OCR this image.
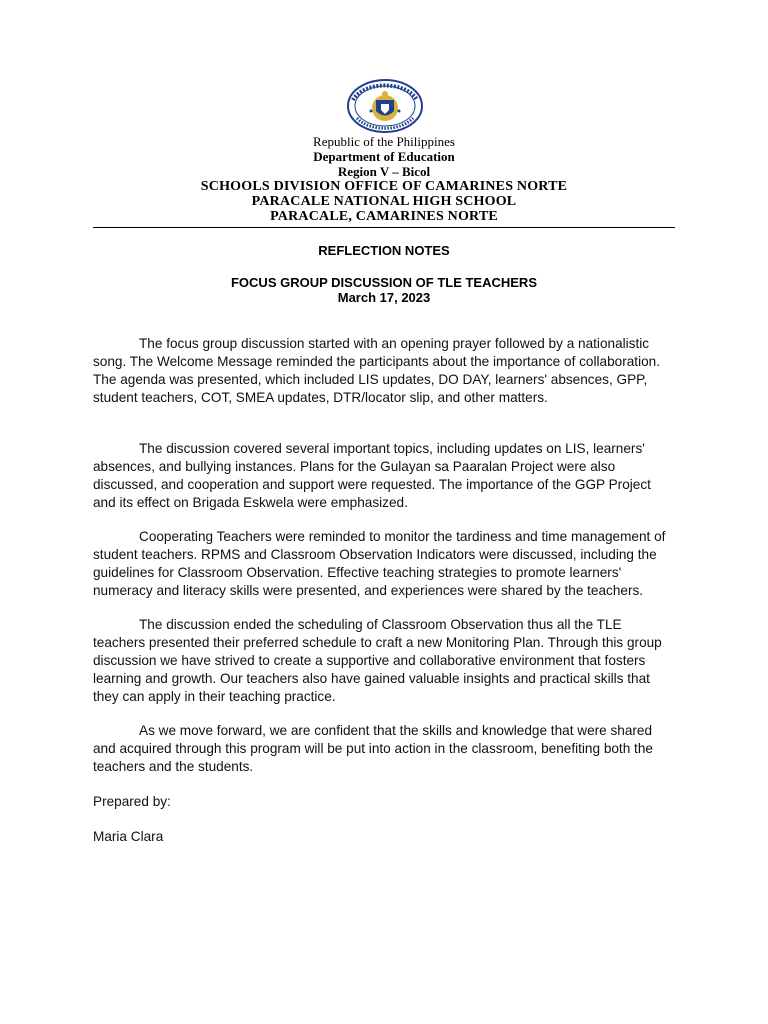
Republic of the Philippines
Department of Education
Region V – Bicol
SCHOOLS DIVISION OFFICE OF CAMARINES NORTE
PARACALE NATIONAL HIGH SCHOOL
PARACALE, CAMARINES NORTE
REFLECTION NOTES
FOCUS GROUP DISCUSSION OF TLE TEACHERS
March 17, 2023

The focus group discussion started with an opening prayer followed by a nationalistic song. The Welcome Message reminded the participants about the importance of collaboration. The agenda was presented, which included LIS updates, DO DAY, learners' absences, GPP, student teachers, COT, SMEA updates, DTR/locator slip, and other matters.

The discussion covered several important topics, including updates on LIS, learners' absences, and bullying instances. Plans for the Gulayan sa Paaralan Project were also discussed, and cooperation and support were requested. The importance of the GGP Project and its effect on Brigada Eskwela were emphasized.

Cooperating Teachers were reminded to monitor the tardiness and time management of student teachers. RPMS and Classroom Observation Indicators were discussed, including the guidelines for Classroom Observation. Effective teaching strategies to promote learners' numeracy and literacy skills were presented, and experiences were shared by the teachers.

The discussion ended the scheduling of Classroom Observation thus all the TLE teachers presented their preferred schedule to craft a new Monitoring Plan. Through this group discussion we have strived to create a supportive and collaborative environment that fosters learning and growth. Our teachers also have gained valuable insights and practical skills that they can apply in their teaching practice.

As we move forward, we are confident that the skills and knowledge that were shared and acquired through this program will be put into action in the classroom, benefiting both the teachers and the students.

Prepared by:
Maria Clara
